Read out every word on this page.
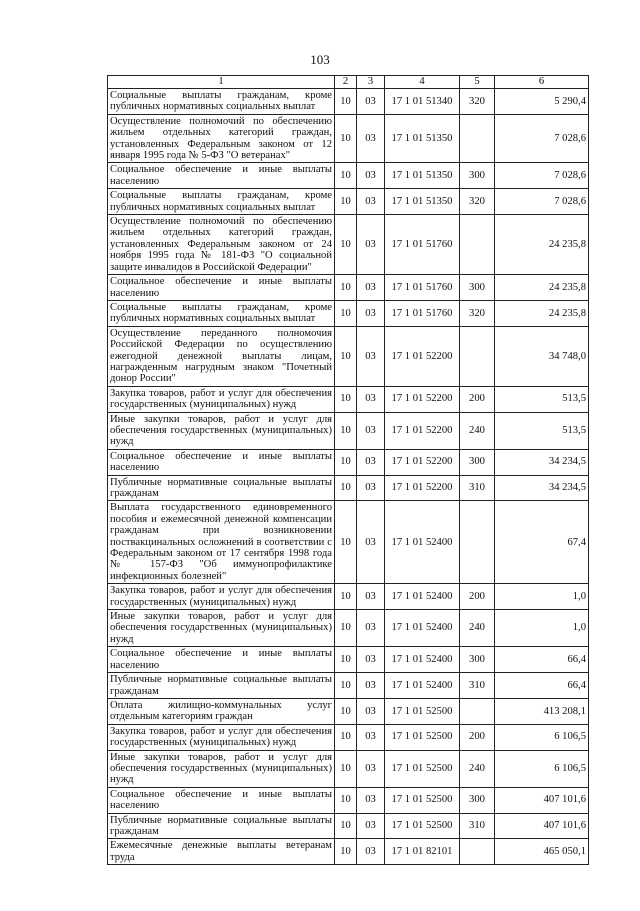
103
1	2	3	4	5	6
Социальные выплаты гражданам, кроме публичных нормативных социальных выплат	10	03	17 1 01 51340	320	5 290,4
Осуществление полномочий по обеспечению жильем отдельных категорий граждан, установленных Федеральным законом от 12 января 1995 года № 5-ФЗ "О ветеранах"	10	03	17 1 01 51350		7 028,6
Социальное обеспечение и иные выплаты населению	10	03	17 1 01 51350	300	7 028,6
Социальные выплаты гражданам, кроме публичных нормативных социальных выплат	10	03	17 1 01 51350	320	7 028,6
Осуществление полномочий по обеспечению жильем отдельных категорий граждан, установленных Федеральным законом от 24 ноября 1995 года № 181-ФЗ "О социальной защите инвалидов в Российской Федерации"	10	03	17 1 01 51760		24 235,8
Социальное обеспечение и иные выплаты населению	10	03	17 1 01 51760	300	24 235,8
Социальные выплаты гражданам, кроме публичных нормативных социальных выплат	10	03	17 1 01 51760	320	24 235,8
Осуществление переданного полномочия Российской Федерации по осуществлению ежегодной денежной выплаты лицам, награжденным нагрудным знаком "Почетный донор России"	10	03	17 1 01 52200		34 748,0
Закупка товаров, работ и услуг для обеспечения государственных (муниципальных) нужд	10	03	17 1 01 52200	200	513,5
Иные закупки товаров, работ и услуг для обеспечения государственных (муниципальных) нужд	10	03	17 1 01 52200	240	513,5
Социальное обеспечение и иные выплаты населению	10	03	17 1 01 52200	300	34 234,5
Публичные нормативные социальные выплаты гражданам	10	03	17 1 01 52200	310	34 234,5
Выплата государственного единовременного пособия и ежемесячной денежной компенсации гражданам при возникновении поствакцинальных осложнений в соответствии с Федеральным законом от 17 сентября 1998 года № 157-ФЗ "Об иммунопрофилактике инфекционных болезней"	10	03	17 1 01 52400		67,4
Закупка товаров, работ и услуг для обеспечения государственных (муниципальных) нужд	10	03	17 1 01 52400	200	1,0
Иные закупки товаров, работ и услуг для обеспечения государственных (муниципальных) нужд	10	03	17 1 01 52400	240	1,0
Социальное обеспечение и иные выплаты населению	10	03	17 1 01 52400	300	66,4
Публичные нормативные социальные выплаты гражданам	10	03	17 1 01 52400	310	66,4
Оплата жилищно-коммунальных услуг отдельным категориям граждан	10	03	17 1 01 52500		413 208,1
Закупка товаров, работ и услуг для обеспечения государственных (муниципальных) нужд	10	03	17 1 01 52500	200	6 106,5
Иные закупки товаров, работ и услуг для обеспечения государственных (муниципальных) нужд	10	03	17 1 01 52500	240	6 106,5
Социальное обеспечение и иные выплаты населению	10	03	17 1 01 52500	300	407 101,6
Публичные нормативные социальные выплаты гражданам	10	03	17 1 01 52500	310	407 101,6
Ежемесячные денежные выплаты ветеранам труда	10	03	17 1 01 82101		465 050,1
